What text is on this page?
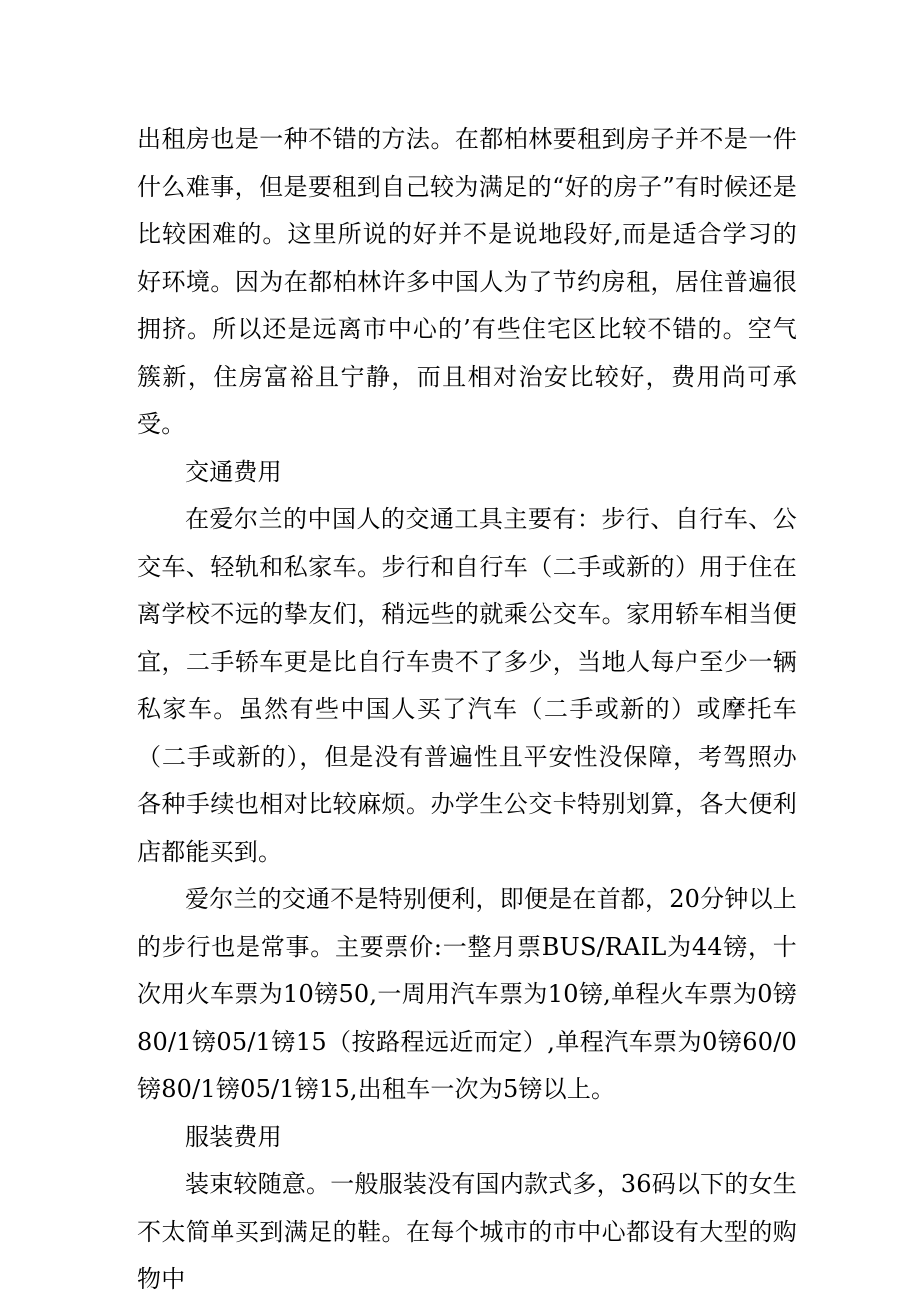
出租房也是一种不错的方法。在都柏林要租到房子并不是一件什么难事，但是要租到自己较为满足的“好的房子”有时候还是比较困难的。这里所说的好并不是说地段好,而是适合学习的好环境。因为在都柏林许多中国人为了节约房租，居住普遍很拥挤。所以还是远离市中心的’有些住宅区比较不错的。空气簇新，住房富裕且宁静，而且相对治安比较好，费用尚可承受。

交通费用

在爱尔兰的中国人的交通工具主要有：步行、自行车、公交车、轻轨和私家车。步行和自行车（二手或新的）用于住在离学校不远的挚友们，稍远些的就乘公交车。家用轿车相当便宜，二手轿车更是比自行车贵不了多少，当地人每户至少一辆私家车。虽然有些中国人买了汽车（二手或新的）或摩托车（二手或新的），但是没有普遍性且平安性没保障，考驾照办各种手续也相对比较麻烦。办学生公交卡特别划算，各大便利店都能买到。

爱尔兰的交通不是特别便利，即便是在首都，20分钟以上的步行也是常事。主要票价:一整月票BUS/RAIL为44镑，十次用火车票为10镑50,一周用汽车票为10镑,单程火车票为0镑80/1镑05/1镑15（按路程远近而定）,单程汽车票为0镑60/0镑80/1镑05/1镑15,出租车一次为5镑以上。

服装费用

装束较随意。一般服装没有国内款式多，36码以下的女生不太简单买到满足的鞋。在每个城市的市中心都设有大型的购物中
